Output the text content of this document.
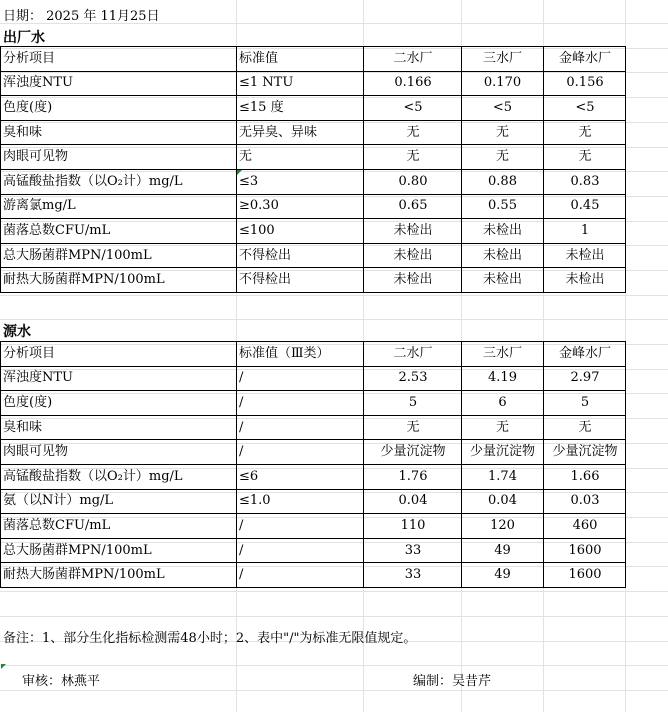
日期： 2025 年 11月25日
出厂水
分析项目	标准值	二水厂	三水厂	金峰水厂
浑浊度NTU	≤1 NTU	0.166	0.170	0.156
色度(度)	≤15 度	<5	<5	<5
臭和味	无异臭、异味	无	无	无
肉眼可见物	无	无	无	无
高锰酸盐指数（以O₂计）mg/L	≤3	0.80	0.88	0.83
游离氯mg/L	≥0.30	0.65	0.55	0.45
菌落总数CFU/mL	≤100	未检出	未检出	1
总大肠菌群MPN/100mL	不得检出	未检出	未检出	未检出
耐热大肠菌群MPN/100mL	不得检出	未检出	未检出	未检出
源水
分析项目	标准值（Ⅲ类）	二水厂	三水厂	金峰水厂
浑浊度NTU	/	2.53	4.19	2.97
色度(度)	/	5	6	5
臭和味	/	无	无	无
肉眼可见物	/	少量沉淀物	少量沉淀物	少量沉淀物
高锰酸盐指数（以O₂计）mg/L	≤6	1.76	1.74	1.66
氨（以N计）mg/L	≤1.0	0.04	0.04	0.03
菌落总数CFU/mL	/	110	120	460
总大肠菌群MPN/100mL	/	33	49	1600
耐热大肠菌群MPN/100mL	/	33	49	1600
备注：1、部分生化指标检测需48小时；2、表中"/"为标准无限值规定。
审核：林燕平	编制：吴昔芹
